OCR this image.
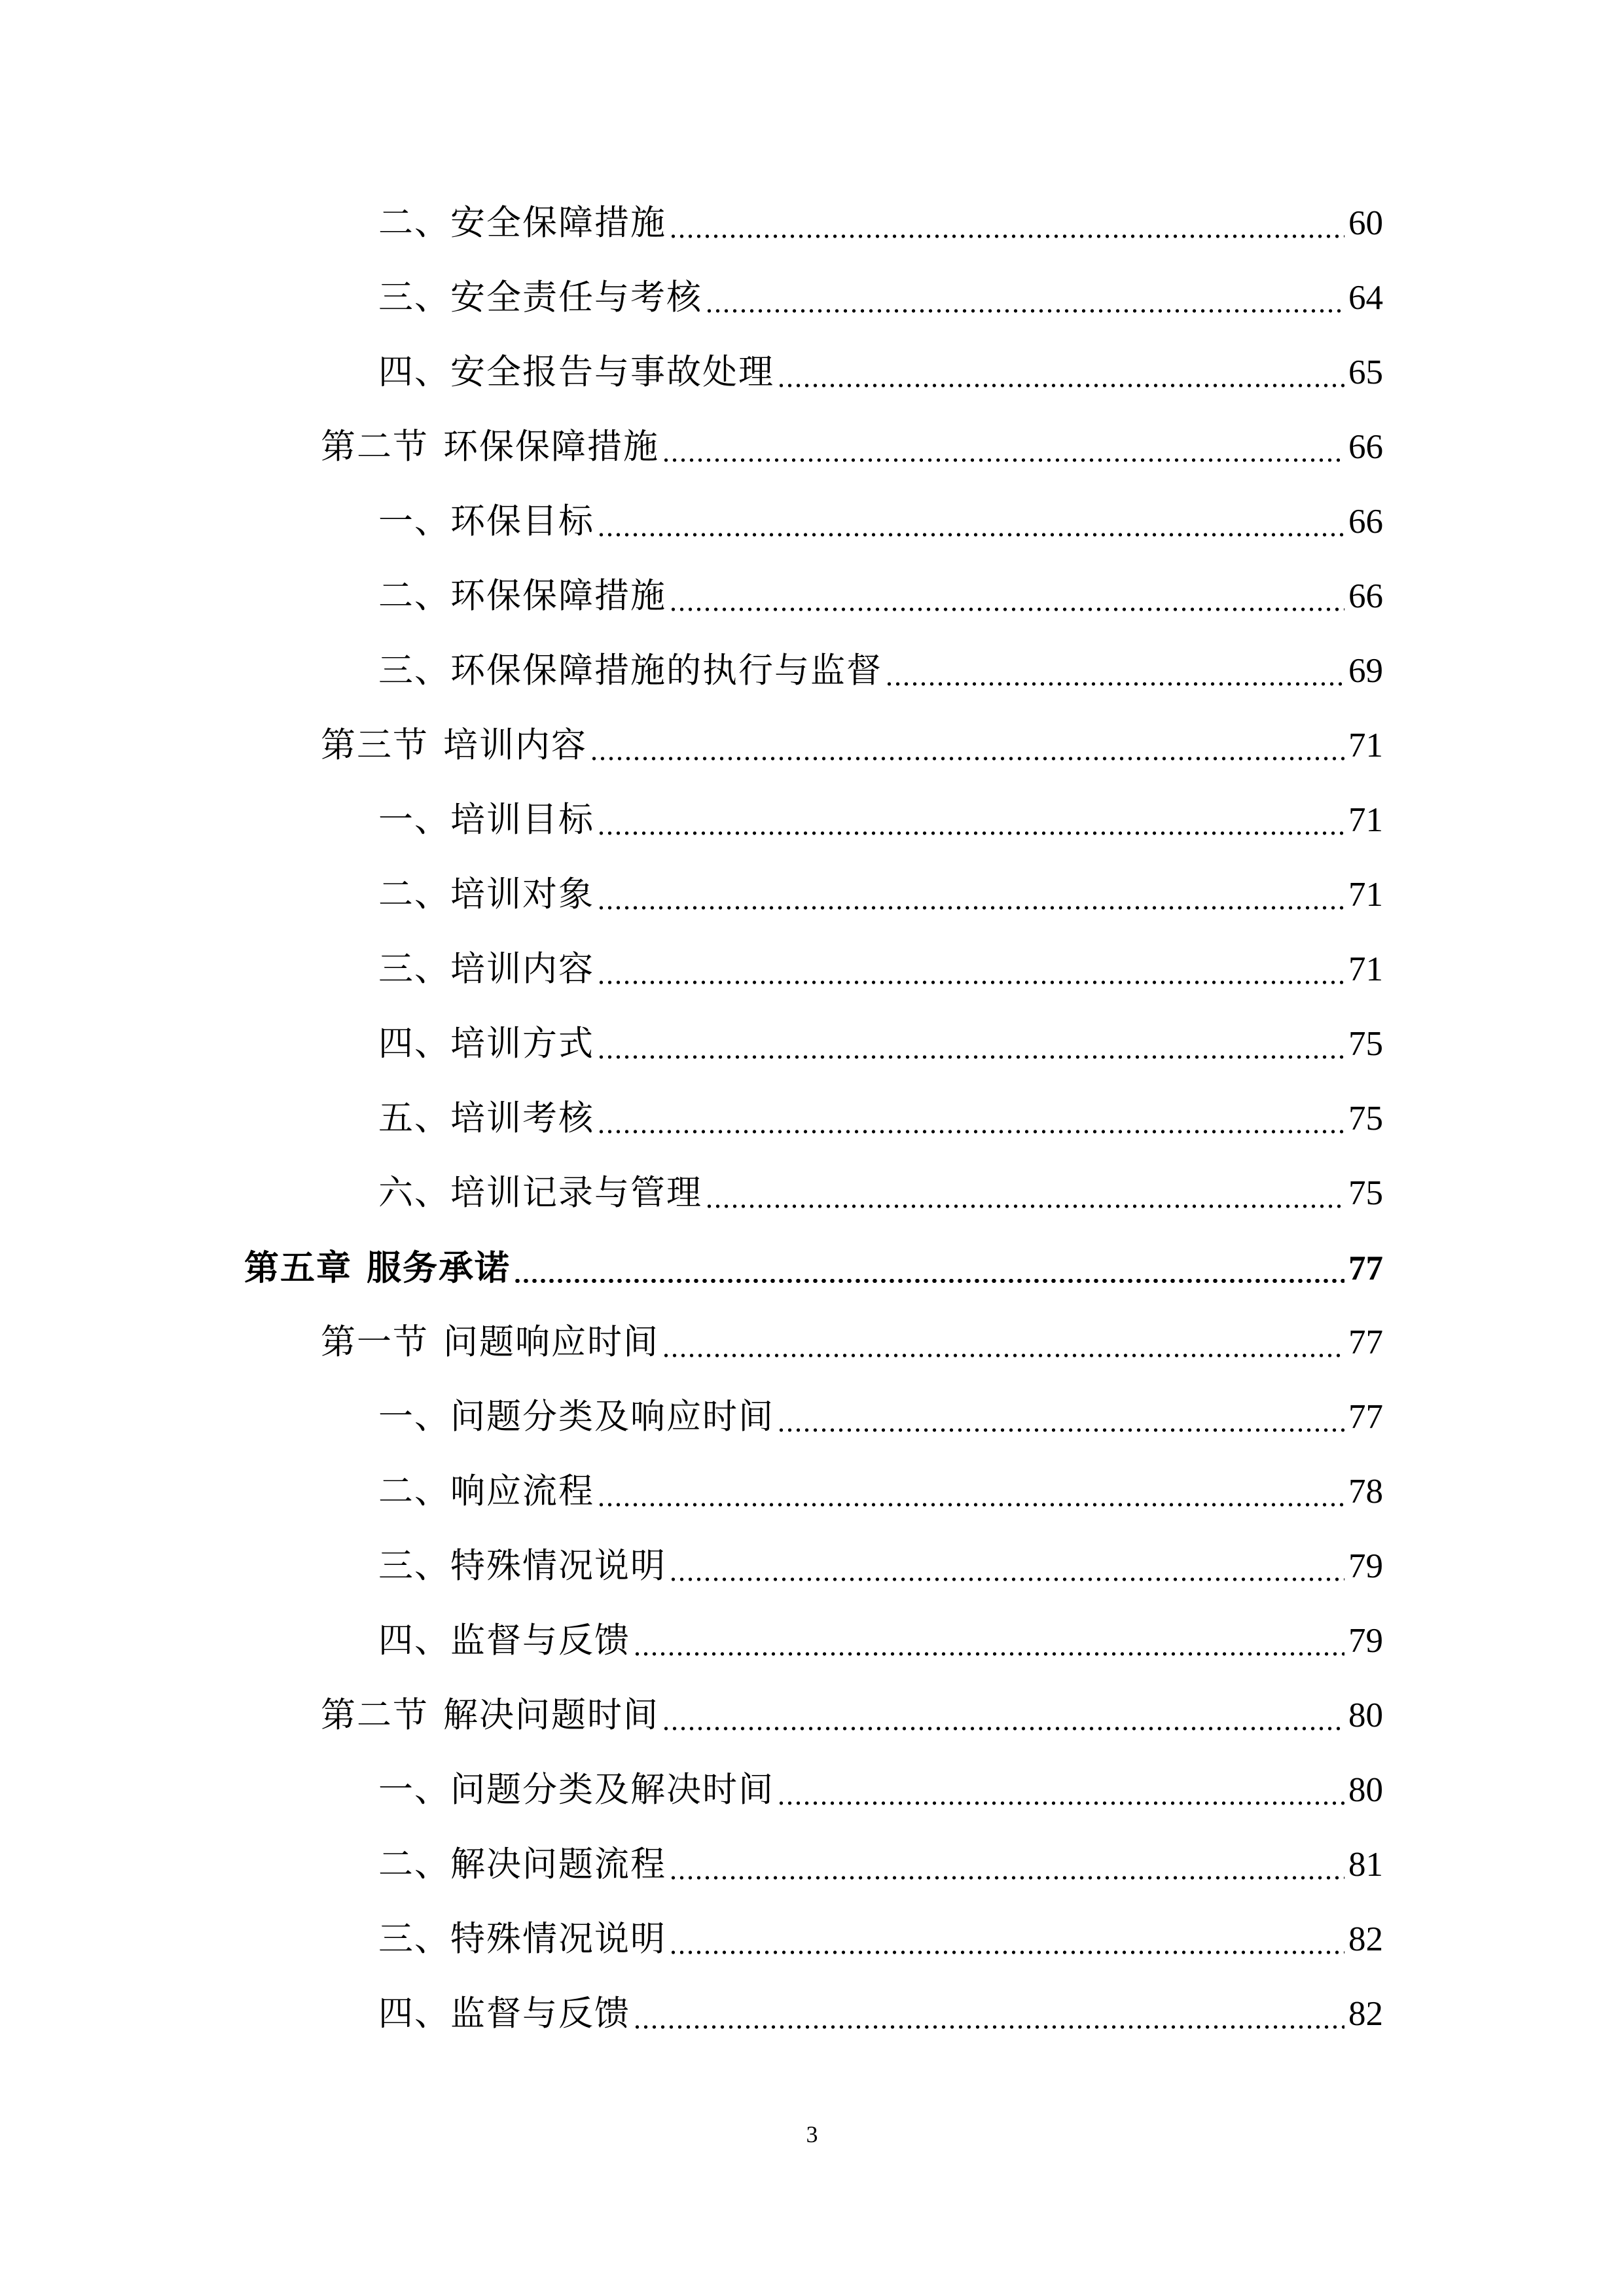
二、安全保障措施	60
三、安全责任与考核	64
四、安全报告与事故处理	65
第二节 环保保障措施	66
一、环保目标	66
二、环保保障措施	66
三、环保保障措施的执行与监督	69
第三节 培训内容	71
一、培训目标	71
二、培训对象	71
三、培训内容	71
四、培训方式	75
五、培训考核	75
六、培训记录与管理	75
第五章 服务承诺	77
第一节 问题响应时间	77
一、问题分类及响应时间	77
二、响应流程	78
三、特殊情况说明	79
四、监督与反馈	79
第二节 解决问题时间	80
一、问题分类及解决时间	80
二、解决问题流程	81
三、特殊情况说明	82
四、监督与反馈	82
3
